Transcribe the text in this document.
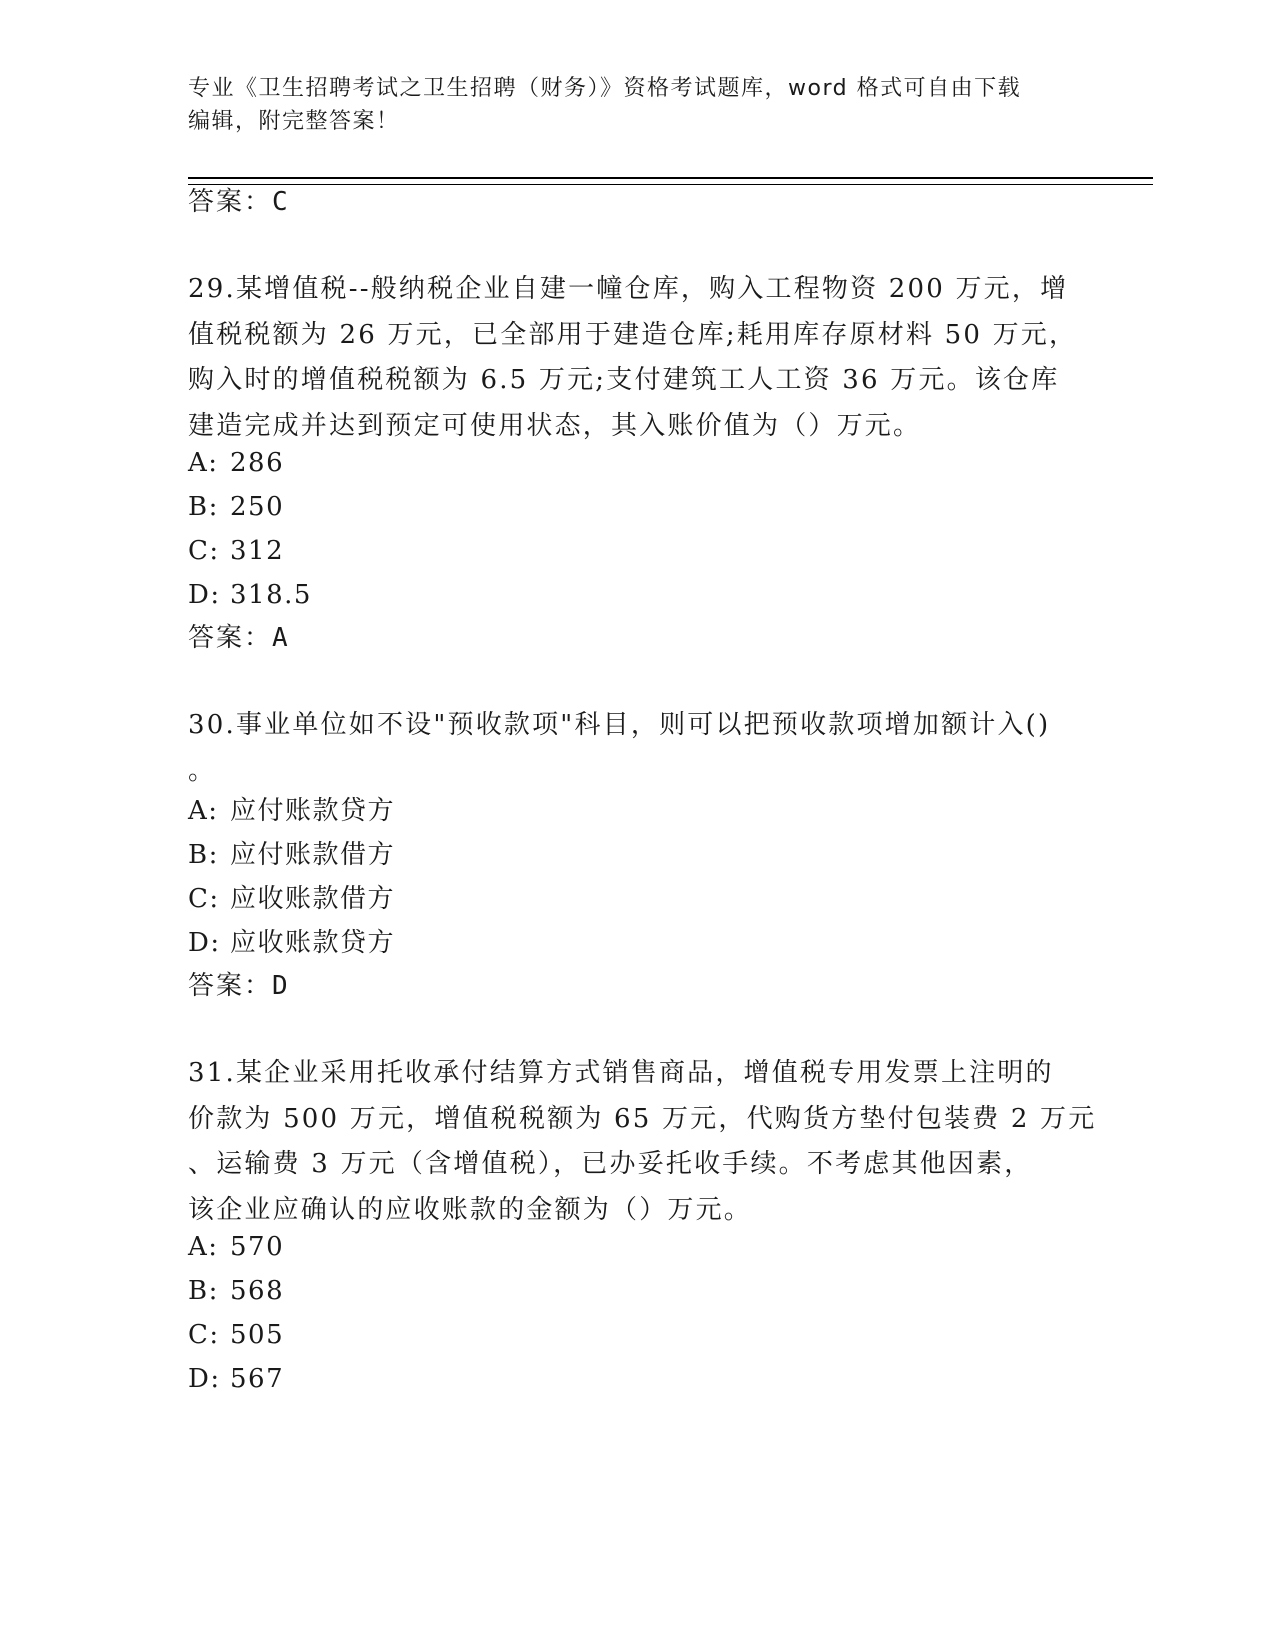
专业《卫生招聘考试之卫生招聘（财务）》资格考试题库，word 格式可自由下载
编辑，附完整答案！
答案：C
29.某增值税--般纳税企业自建一幢仓库，购入工程物资 200 万元，增
值税税额为 26 万元，已全部用于建造仓库;耗用库存原材料 50 万元，
购入时的增值税税额为 6.5 万元;支付建筑工人工资 36 万元。该仓库
建造完成并达到预定可使用状态，其入账价值为（）万元。
A: 286
B: 250
C: 312
D: 318.5
答案：A
30.事业单位如不设"预收款项"科目，则可以把预收款项增加额计入()
。
A: 应付账款贷方
B: 应付账款借方
C: 应收账款借方
D: 应收账款贷方
答案：D
31.某企业采用托收承付结算方式销售商品，增值税专用发票上注明的
价款为 500 万元，增值税税额为 65 万元，代购货方垫付包装费 2 万元
、运输费 3 万元（含增值税），已办妥托收手续。不考虑其他因素，
该企业应确认的应收账款的金额为（）万元。
A: 570
B: 568
C: 505
D: 567
